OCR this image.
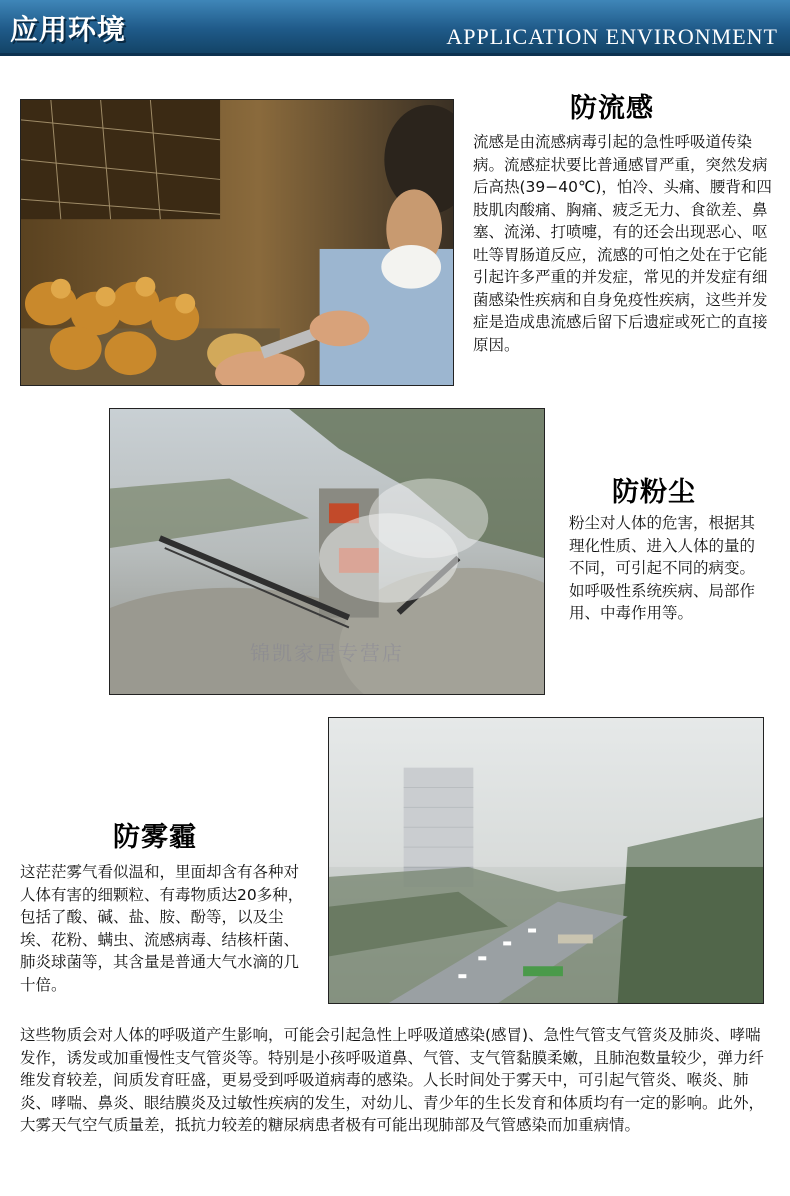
应用环境	APPLICATION ENVIRONMENT
防流感

流感是由流感病毒引起的急性呼吸道传染病。流感症状要比普通感冒严重，突然发病后高热(39−40℃)，怕冷、头痛、腰背和四肢肌肉酸痛、胸痛、疲乏无力、食欲差、鼻塞、流涕、打喷嚏，有的还会出现恶心、呕吐等胃肠道反应，流感的可怕之处在于它能引起许多严重的并发症，常见的并发症有细菌感染性疾病和自身免疫性疾病，这些并发症是造成患流感后留下后遗症或死亡的直接原因。

锦凯家居专营店
防粉尘

粉尘对人体的危害，根据其理化性质、进入人体的量的不同，可引起不同的病变。如呼吸性系统疾病、局部作用、中毒作用等。

防雾霾

这茫茫雾气看似温和，里面却含有各种对人体有害的细颗粒、有毒物质达20多种，包括了酸、碱、盐、胺、酚等，以及尘埃、花粉、螨虫、流感病毒、结核杆菌、肺炎球菌等，其含量是普通大气水滴的几十倍。

这些物质会对人体的呼吸道产生影响，可能会引起急性上呼吸道感染(感冒)、急性气管支气管炎及肺炎、哮喘发作，诱发或加重慢性支气管炎等。特别是小孩呼吸道鼻、气管、支气管黏膜柔嫩，且肺泡数量较少，弹力纤维发育较差，间质发育旺盛，更易受到呼吸道病毒的感染。人长时间处于雾天中，可引起气管炎、喉炎、肺炎、哮喘、鼻炎、眼结膜炎及过敏性疾病的发生，对幼儿、青少年的生长发育和体质均有一定的影响。此外，大雾天气空气质量差，抵抗力较差的糖尿病患者极有可能出现肺部及气管感染而加重病情。
